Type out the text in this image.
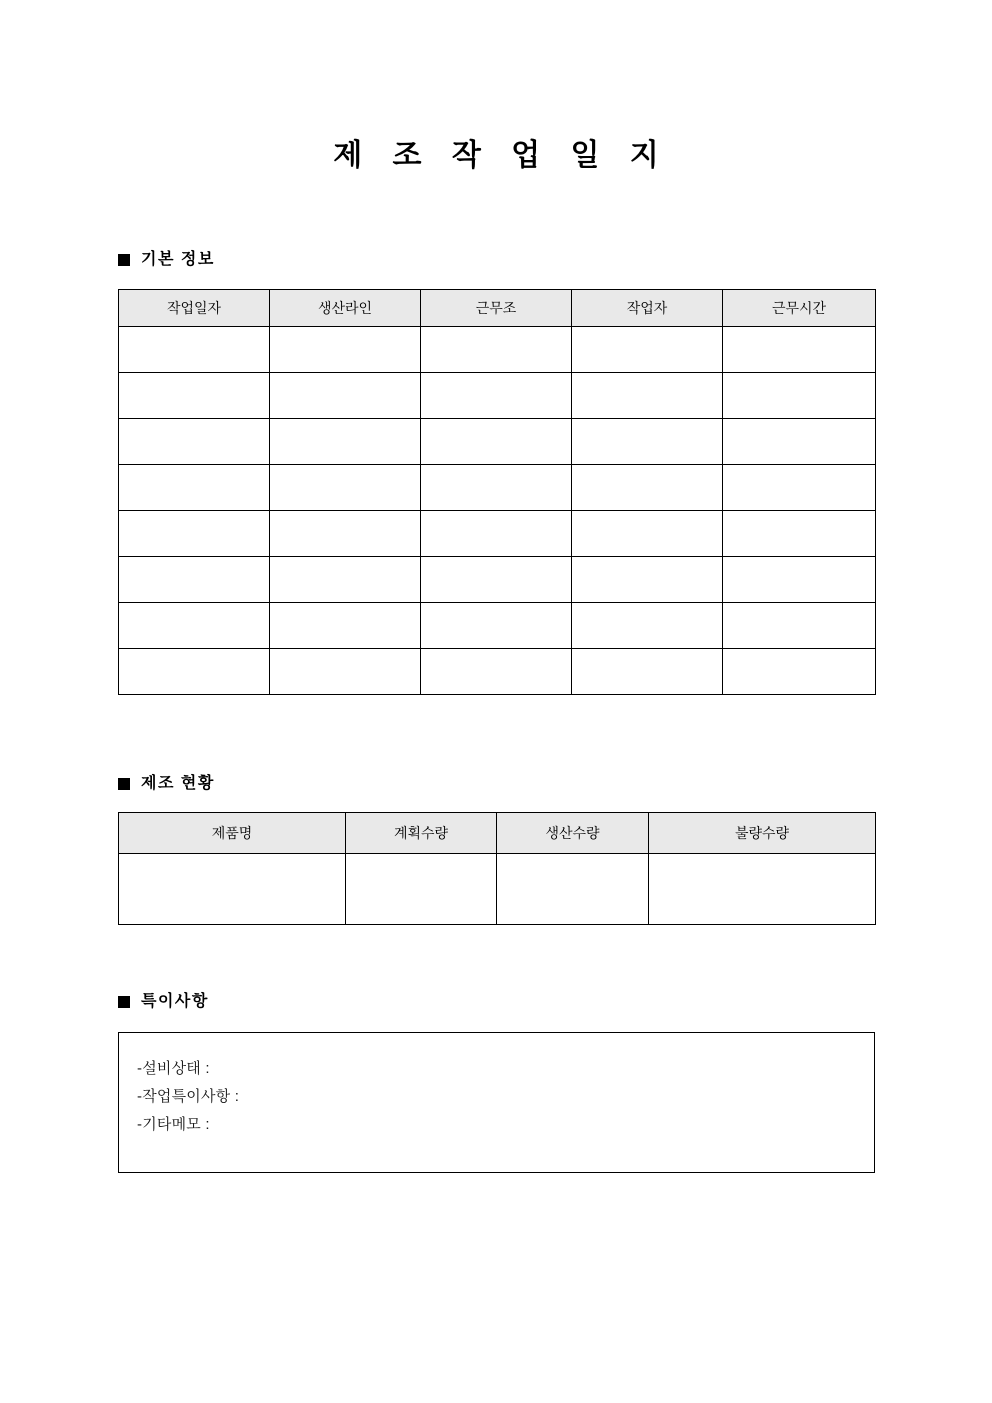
제 조 작 업 일 지
기본 정보
작업일자	생산라인	근무조	작업자	근무시간

제조 현황
제품명	계획수량	생산수량	불량수량

특이사항
-설비상태 :
-작업특이사항 :
-기타메모 :
